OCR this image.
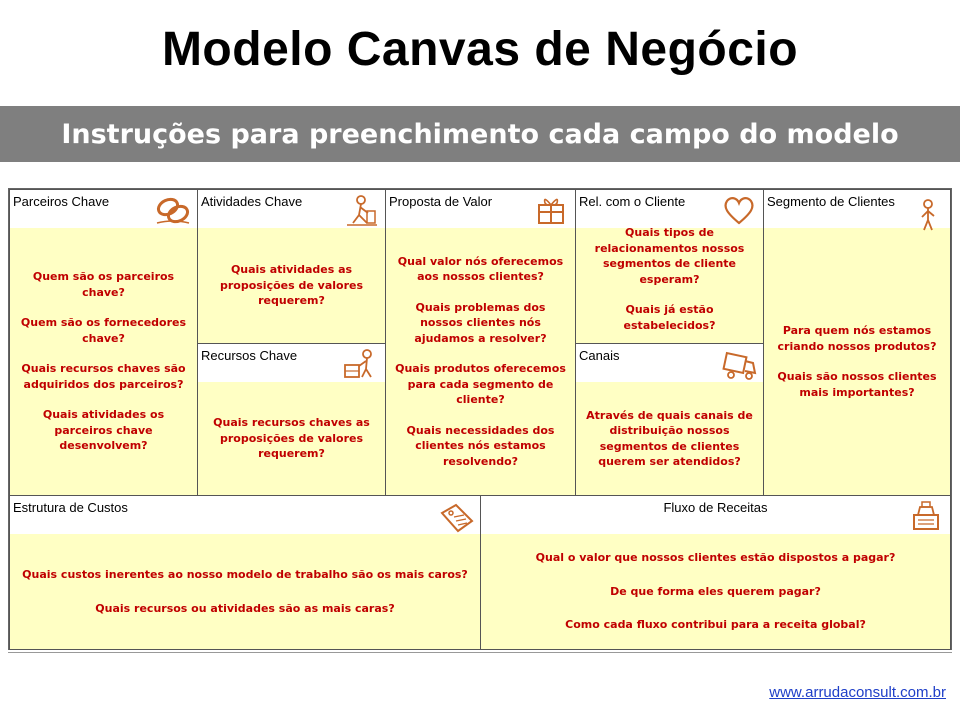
Modelo Canvas de Negócio
Instruções para preenchimento cada campo do modelo
Parceiros Chave
Quem são os parceiros chave?
Quem são os fornecedores chave?
Quais recursos chaves são adquiridos dos parceiros?
Quais atividades os parceiros chave desenvolvem?
Atividades Chave
Quais atividades as proposições de valores requerem?
Recursos Chave
Quais recursos chaves as proposições de valores requerem?
Proposta de Valor
Qual valor nós oferecemos aos nossos clientes?
Quais problemas dos nossos clientes nós ajudamos a resolver?
Quais produtos oferecemos para cada segmento de cliente?
Quais necessidades dos clientes nós estamos resolvendo?
Rel. com o Cliente
Quais tipos de relacionamentos nossos segmentos de cliente esperam?
Quais já estão estabelecidos?
Canais
Através de quais canais de distribuição nossos segmentos de clientes querem ser atendidos?
Segmento de Clientes
Para quem nós estamos criando nossos produtos?
Quais são nossos clientes mais importantes?
Estrutura de Custos
Quais custos inerentes ao nosso modelo de trabalho são os mais caros?
Quais recursos ou atividades são as mais caras?
Fluxo de Receitas
Qual o valor que nossos clientes estão dispostos a pagar?
De que forma eles querem pagar?
Como cada fluxo contribui para a receita global?
www.arrudaconsult.com.br
